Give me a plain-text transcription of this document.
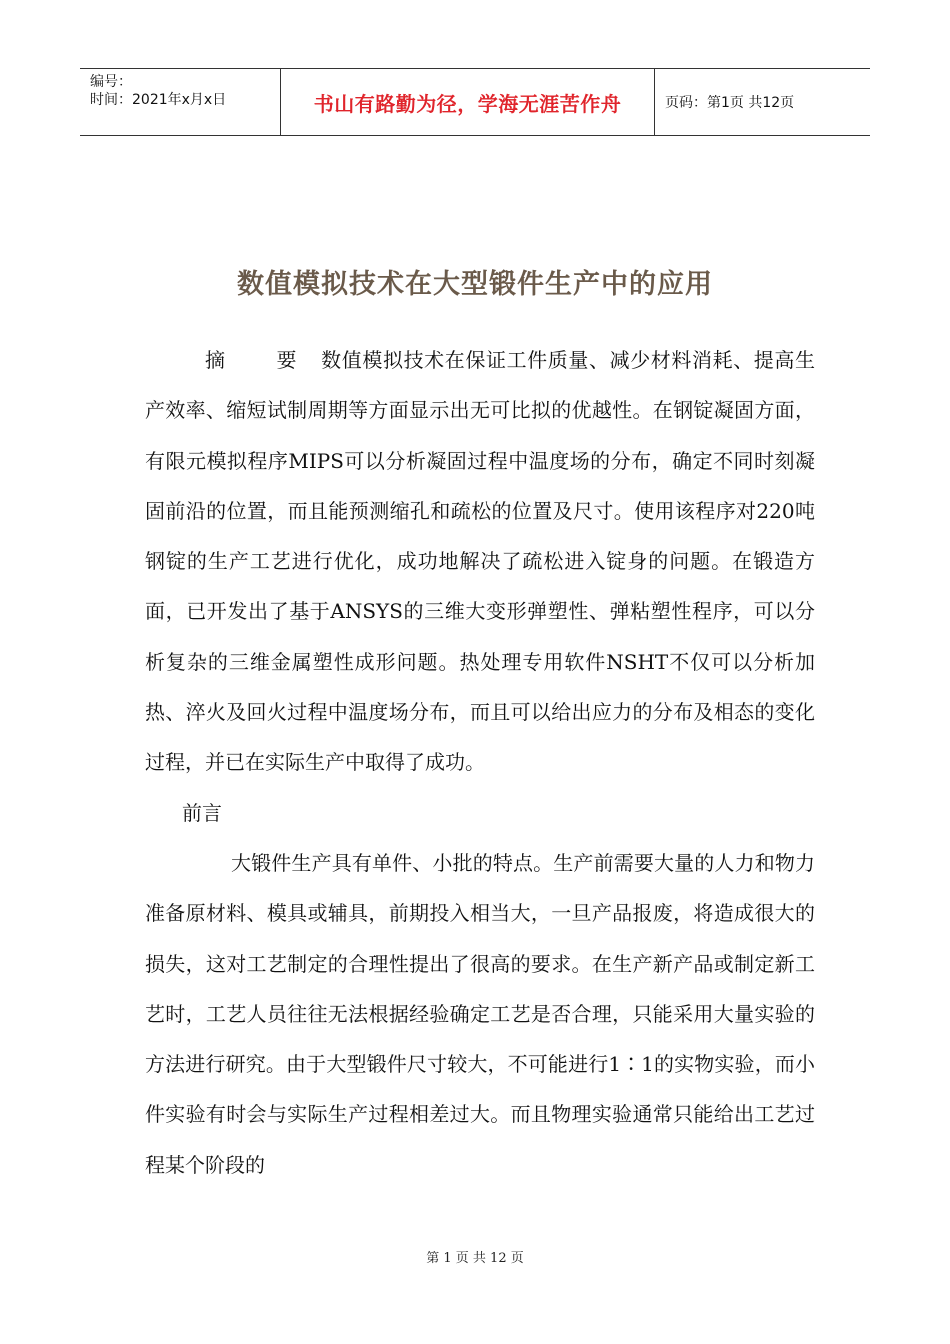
编号：
时间：2021年x月x日	书山有路勤为径，学海无涯苦作舟	页码：第1页 共12页
数值模拟技术在大型锻件生产中的应用

摘 要 数值模拟技术在保证工件质量、减少材料消耗、提高生产效率、缩短试制周期等方面显示出无可比拟的优越性。在钢锭凝固方面，有限元模拟程序MIPS可以分析凝固过程中温度场的分布，确定不同时刻凝固前沿的位置，而且能预测缩孔和疏松的位置及尺寸。使用该程序对220吨钢锭的生产工艺进行优化，成功地解决了疏松进入锭身的问题。在锻造方面，已开发出了基于ANSYS的三维大变形弹塑性、弹粘塑性程序，可以分析复杂的三维金属塑性成形问题。热处理专用软件NSHT不仅可以分析加热、淬火及回火过程中温度场分布，而且可以给出应力的分布及相态的变化过程，并已在实际生产中取得了成功。

前言

大锻件生产具有单件、小批的特点。生产前需要大量的人力和物力准备原材料、模具或辅具，前期投入相当大，一旦产品报废，将造成很大的损失，这对工艺制定的合理性提出了很高的要求。在生产新产品或制定新工艺时，工艺人员往往无法根据经验确定工艺是否合理，只能采用大量实验的方法进行研究。由于大型锻件尺寸较大，不可能进行1∶1的实物实验，而小件实验有时会与实际生产过程相差过大。而且物理实验通常只能给出工艺过程某个阶段的

第 1 页 共 12 页
